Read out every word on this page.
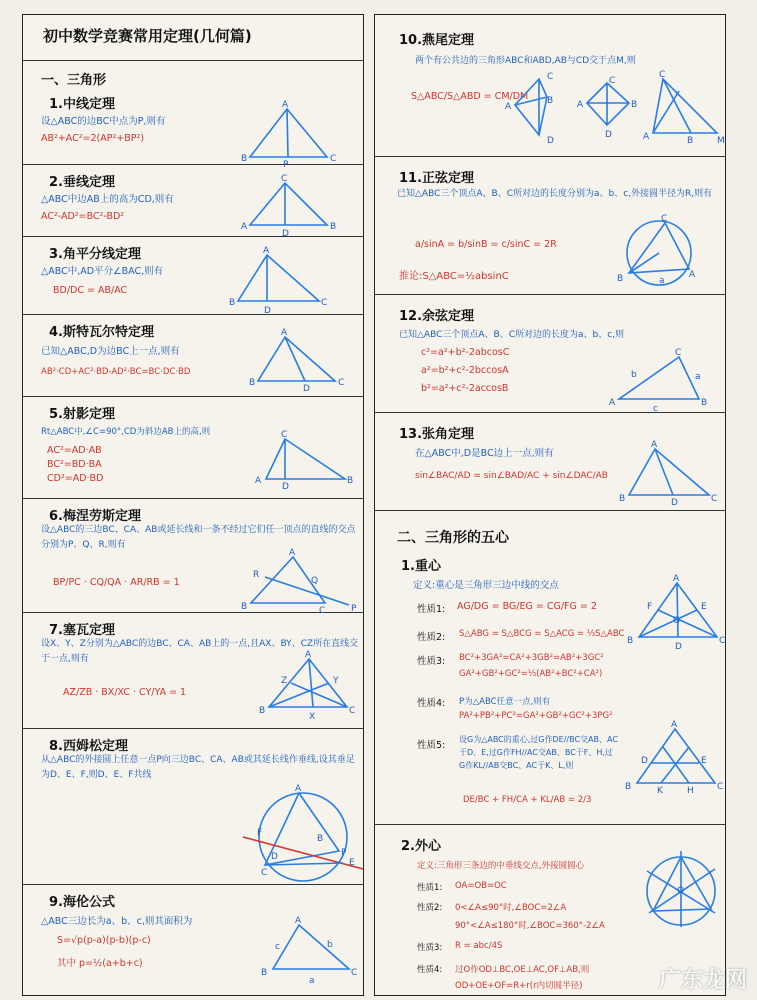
初中数学竞赛常用定理(几何篇)
一、三角形
1.中线定理
设△ABC的边BC中点为P,则有
AB²+AC²=2(AP²+BP²)
A
B
P
C
2.垂线定理
△ABC中边AB上的高为CD,则有
AC²-AD²=BC²-BD²
C
A
D
B
3.角平分线定理
△ABC中,AD平分∠BAC,则有
BD/DC = AB/AC
A
B
D
C
4.斯特瓦尔特定理
已知△ABC,D为边BC上一点,则有
AB²·CD+AC²·BD-AD²·BC=BC·DC·BD
A
B
D
C
5.射影定理
Rt△ABC中,∠C=90°,CD为斜边AB上的高,则
AC²=AD·AB
BC²=BD·BA
CD²=AD·BD
C
A
D
B
6.梅涅劳斯定理
设△ABC的三边BC、CA、AB或延长线和一条不经过它们任一顶点的直线的交点分别为P、Q、R,则有
BP/PC · CQ/QA · AR/RB = 1
A
R
Q
B	C	P
7.塞瓦定理
设X、Y、Z分别为△ABC的边BC、CA、AB上的一点,且AX、BY、CZ所在直线交于一点,则有
AZ/ZB · BX/XC · CY/YA = 1
A
Z	Y
B
X
C
8.西姆松定理
从△ABC的外接圆上任意一点P向三边BC、CA、AB或其延长线作垂线,设其垂足为D、E、F,则D、E、F共线
A
F
B
C
D
E
P
9.海伦公式
△ABC三边长为a、b、c,则其面积为
S=√p(p-a)(p-b)(p-c)
其中 p=½(a+b+c)
A
c	b
B
a
C
10.燕尾定理
两个有公共边的三角形ABC和ABD,AB与CD交于点M,则
S△ABC/S△ABD = CM/DM
A
C
B
D
A
C
B
D
C
A	B	M
11.正弦定理
已知△ABC三个顶点A、B、C所对边的长度分别为a、b、c,外接圆半径为R,则有
a/sinA = b/sinB = c/sinC = 2R
推论:S△ABC=½absinC
C
B	A
a
12.余弦定理
已知△ABC三个顶点A、B、C所对边的长度为a、b、c,则
c²=a²+b²-2abcosC
a²=b²+c²-2bccosA
b²=a²+c²-2accosB
C
b	a
A
c
B
13.张角定理
在△ABC中,D是BC边上一点,则有
sin∠BAC/AD = sin∠BAD/AC + sin∠DAC/AB
A
B	D	C
二、三角形的五心
1.重心
定义:重心是三角形三边中线的交点
性质1: AG/DG = BG/EG = CG/FG = 2
性质2: S△ABG = S△BCG = S△ACG = ⅓S△ABC
性质3: BC²+3GA²=CA²+3GB²=AB²+3GC²
GA²+GB²+GC²=⅓(AB²+BC²+CA²)
性质4: P为△ABC任意一点,则有
PA²+PB²+PC²=GA²+GB²+GC²+3PG²
性质5:
设G为△ABC的重心,过G作DE//BC交AB、AC于D、E,过G作FH//AC交AB、BC于F、H,过G作KL//AB交BC、AC于K、L,则
DE/BC + FH/CA + KL/AB = 2/3
A
F	E
G
B
D
C
A
D	E
B	K	H	C
2.外心
定义:三角形三条边的中垂线交点,外接圆圆心
性质1: OA=OB=OC
性质2: 0<∠A≤90°时,∠BOC=2∠A
90°<∠A≤180°时,∠BOC=360°-2∠A
性质3: R = abc/4S
性质4: 过O作OD⊥BC,OE⊥AC,OF⊥AB,则
OD+OE+OF=R+r(r内切圆半径)
O
广东龙网
